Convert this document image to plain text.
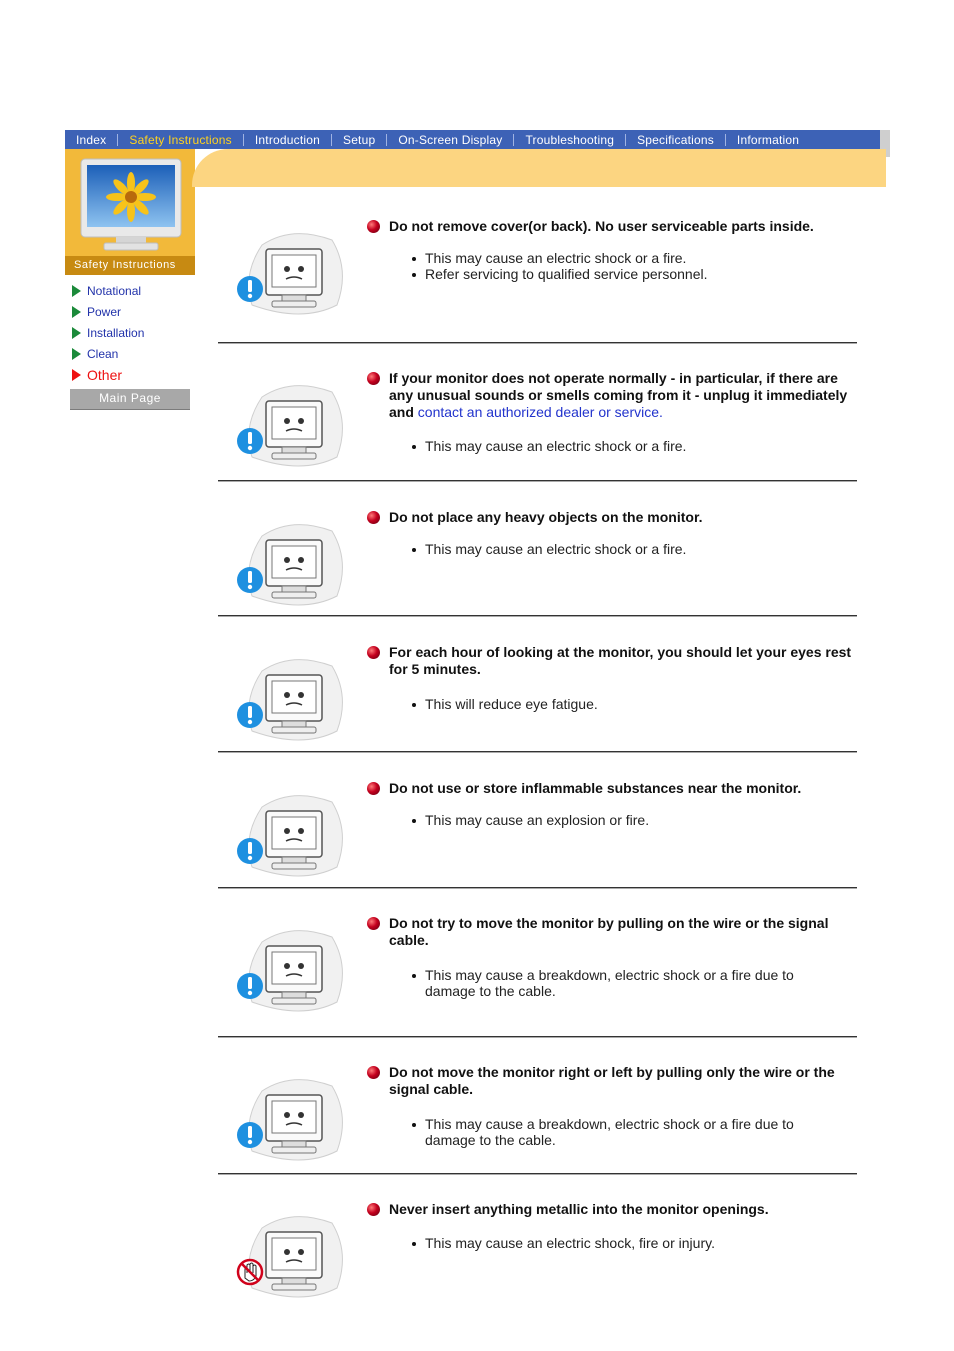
Index	Safety Instructions	Introduction	Setup	On-Screen Display	Troubleshooting	Specifications	Information
Safety Instructions
Notational
Power
Installation
Clean
Other
Main Page
Do not remove cover(or back). No user serviceable parts inside.
This may cause an electric shock or a fire.
Refer servicing to qualified service personnel.
If your monitor does not operate normally - in particular, if there are any unusual sounds or smells coming from it - unplug it immediately and contact an authorized dealer or service.
This may cause an electric shock or a fire.
Do not place any heavy objects on the monitor.
This may cause an electric shock or a fire.
For each hour of looking at the monitor, you should let your eyes rest for 5 minutes.
This will reduce eye fatigue.
Do not use or store inflammable substances near the monitor.
This may cause an explosion or fire.
Do not try to move the monitor by pulling on the wire or the signal cable.
This may cause a breakdown, electric shock or a fire due to damage to the cable.
Do not move the monitor right or left by pulling only the wire or the signal cable.
This may cause a breakdown, electric shock or a fire due to damage to the cable.
Never insert anything metallic into the monitor openings.
This may cause an electric shock, fire or injury.
